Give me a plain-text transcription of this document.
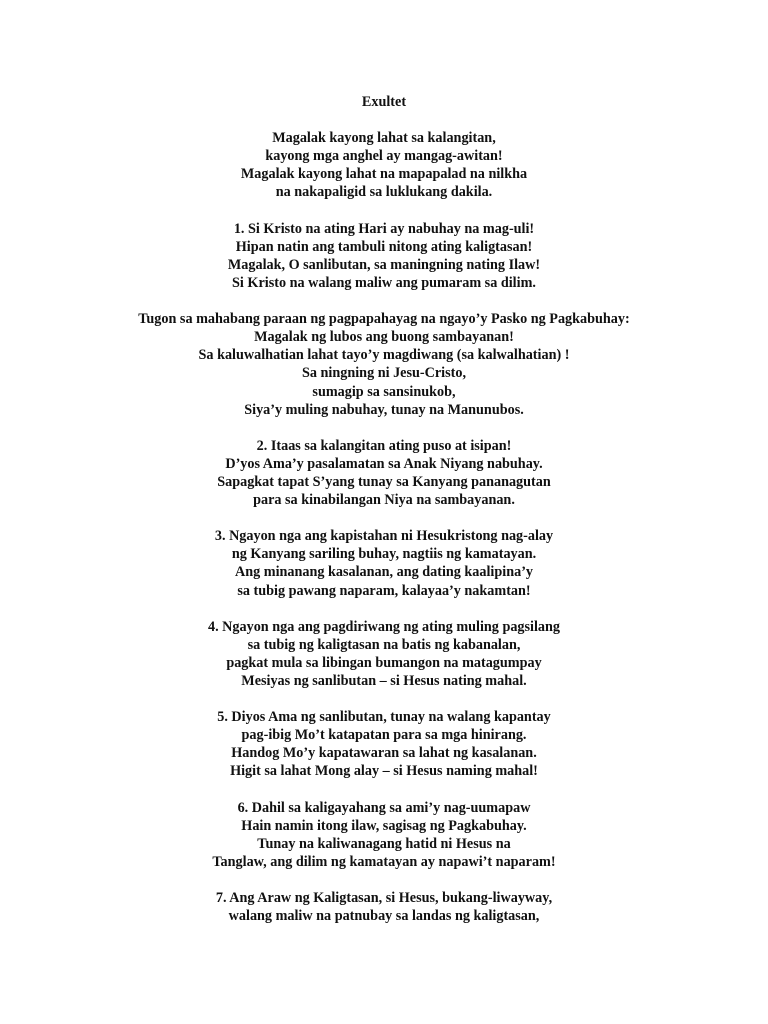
Exultet
Magalak kayong lahat sa kalangitan,
kayong mga anghel ay mangag-awitan!
Magalak kayong lahat na mapapalad na nilkha
na nakapaligid sa luklukang dakila.
1. Si Kristo na ating Hari ay nabuhay na mag-uli!
Hipan natin ang tambuli nitong ating kaligtasan!
Magalak, O sanlibutan, sa maningning nating Ilaw!
Si Kristo na walang maliw ang pumaram sa dilim.
Tugon sa mahabang paraan ng pagpapahayag na ngayo’y Pasko ng Pagkabuhay:
Magalak ng lubos ang buong sambayanan!
Sa kaluwalhatian lahat tayo’y magdiwang (sa kalwalhatian) !
Sa ningning ni Jesu-Cristo,
sumagip sa sansinukob,
Siya’y muling nabuhay, tunay na Manunubos.
2. Itaas sa kalangitan ating puso at isipan!
D’yos Ama’y pasalamatan sa Anak Niyang nabuhay.
Sapagkat tapat S’yang tunay sa Kanyang pananagutan
para sa kinabilangan Niya na sambayanan.
3. Ngayon nga ang kapistahan ni Hesukristong nag-alay
ng Kanyang sariling buhay, nagtiis ng kamatayan.
Ang minanang kasalanan, ang dating kaalipina’y
sa tubig pawang naparam, kalayaa’y nakamtan!
4. Ngayon nga ang pagdiriwang ng ating muling pagsilang
sa tubig ng kaligtasan na batis ng kabanalan,
pagkat mula sa libingan bumangon na matagumpay
Mesiyas ng sanlibutan – si Hesus nating mahal.
5. Diyos Ama ng sanlibutan, tunay na walang kapantay
pag-ibig Mo’t katapatan para sa mga hinirang.
Handog Mo’y kapatawaran sa lahat ng kasalanan.
Higit sa lahat Mong alay – si Hesus naming mahal!
6. Dahil sa kaligayahang sa ami’y nag-uumapaw
Hain namin itong ilaw, sagisag ng Pagkabuhay.
Tunay na kaliwanagang hatid ni Hesus na
Tanglaw, ang dilim ng kamatayan ay napawi’t naparam!
7. Ang Araw ng Kaligtasan, si Hesus, bukang-liwayway,
walang maliw na patnubay sa landas ng kaligtasan,
